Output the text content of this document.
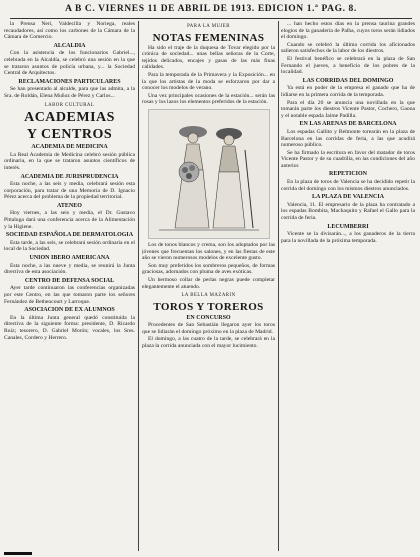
A B C. VIERNES 11 DE ABRIL DE 1913. EDICION 1.ª PAG. 8.

la Prensa Neri, Valdecilla y Noriega, reales recaudadores, así como los carbones de la Cámara de la Cámara de Comercio.

ALCALDIA

Con la asistencia de los funcionarios Gabriel..., celebrada en la Alcaldía, se celebró una sesión en la que se trataron asuntos de policía urbana, y... la Sociedad Central de Arquitectos.

RECLAMACIONES PARTICULARES

Se han presentado al alcalde, para que las admita, a la Sra. de Roldán, Elena Muñoz de Pérez y Carlos...

LABOR CULTURAL
ACADEMIAS
Y CENTROS
ACADEMIA DE MEDICINA

La Real Academia de Medicina celebró sesión pública ordinaria, en la que se trataron asuntos científicos de interés.

ACADEMIA DE JURISPRUDENCIA

Esta noche, a las seis y media, celebrará sesión esta corporación, para tratar de una Memoria de D. Ignacio Pérez acerca del problema de la propiedad territorial.

ATENEO

Hoy viernes, a las seis y media, el Dr. Gustavo Pittaluga dará una conferencia acerca de la Alimentación y la Higiene.

SOCIEDAD ESPAÑOLA DE DERMATOLOGIA

Esta tarde, a las seis, se celebrará sesión ordinaria en el local de la Sociedad.

UNION IBERO AMERICANA

Esta noche, a las nueve y media, se reunirá la Junta directiva de esta asociación.

CENTRO DE DEFENSA SOCIAL

Ayer tarde continuaron las conferencias organizadas por este Centro, en las que tomaron parte los señores Fernández de Bethencourt y Larroque.

ASOCIACION DE EX ALUMNOS

En la última Junta general quedó constituida la directiva de la siguiente forma: presidente, D. Ricardo Ruiz; tesorero, D. Gabriel Morón; vocales, los Sres. Canales, Cordero y Herrero.

PARA LA MUJER
NOTAS FEMENINAS

Ha sido el traje de la duquesa de Tovar elegido por la crónica de sociedad... unas bellas señoras de la Corte, tejidos delicados, encajes y gasas de las más finas calidades.

Para la temporada de la Primavera y la Exposición... en la que los artistas de la moda se esforzaron por dar a conocer los modelos de verano.

Una vez principales ocasiones de la estación... serán las rosas y los lazos los elementos preferidos de la estación.

Los de tonos blancos y crema, son los adoptados por las jóvenes que frecuentan los salones, y en las fiestas de este año se vieron numerosos modelos de excelente gusto.

Son muy preferidos los sombreros pequeños, de formas graciosas, adornados con pluma de aves exóticas.

Un hermoso collar de perlas negras puede completar elegantemente el atuendo.

LA BELLA MAZARIN
TOROS Y TOREROS
EN CONCURSO

Procedentes de San Sebastián llegaron ayer los toros que se lidiarán el domingo próximo en la plaza de Madrid.

El domingo, a las cuatro de la tarde, se celebrará en la plaza la corrida anunciada con el mayor lucimiento.

... han hecho estos días en la prensa taurina grandes elogios de la ganadería de Palha, cuyos toros serán lidiados el domingo.

Cuando se celebró la última corrida los aficionados salieron satisfechos de la labor de los diestros.

El festival benéfico se celebrará en la plaza de San Fernando el jueves, a beneficio de los pobres de la localidad.

LAS CORRIDAS DEL DOMINGO

Ya está en poder de la empresa el ganado que ha de lidiarse en la primera corrida de la temporada.

Para el día 20 se anuncia una novillada en la que tomarán parte los diestros Vicente Pastor, Cochero, Gaona y el notable espada Jaime Padilla.

EN LAS ARENAS DE BARCELONA

Los espadas Gallito y Belmonte torearán en la plaza de Barcelona en las corridas de feria, a las que acudirá numeroso público.

Se ha firmado la escritura en favor del matador de toros Vicente Pastor y de su cuadrilla, en las condiciones del año anterior.

REPETICION

En la plaza de toros de Valencia se ha decidido repetir la corrida del domingo con los mismos diestros anunciados.

LA PLAZA DE VALENCIA

Valencia, 11. El empresario de la plaza ha contratado a los espadas Bombita, Machaquito y Rafael el Gallo para la corrida de feria.

LECUMBERRI

Vicente se la divisarán..., a los ganaderos de la tierra para la novillada de la próxima temporada.
